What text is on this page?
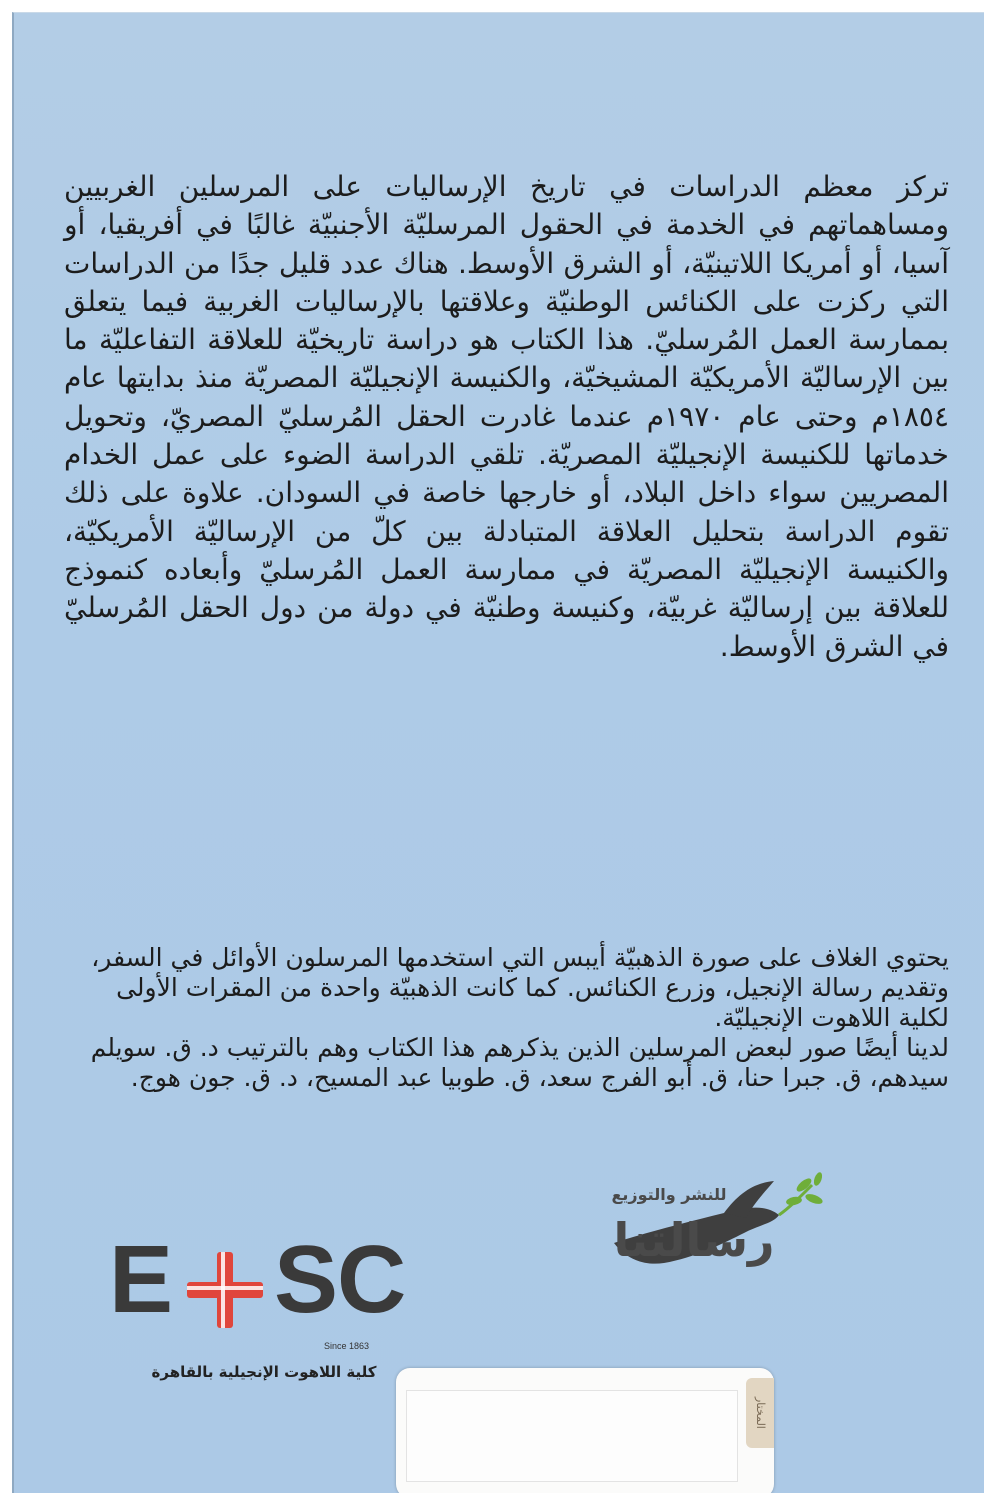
تركز معظم الدراسات في تاريخ الإرساليات على المرسلين الغربيين ومساهماتهم في الخدمة في الحقول المرسليّة الأجنبيّة غالبًا في أفريقيا، أو آسيا، أو أمريكا اللاتينيّة، أو الشرق الأوسط. هناك عدد قليل جدًا من الدراسات التي ركزت على الكنائس الوطنيّة وعلاقتها بالإرساليات الغربية فيما يتعلق بممارسة العمل المُرسليّ. هذا الكتاب هو دراسة تاريخيّة للعلاقة التفاعليّة ما بين الإرساليّة الأمريكيّة المشيخيّة، والكنيسة الإنجيليّة المصريّة منذ بدايتها عام ١٨٥٤م وحتى عام ١٩٧٠م عندما غادرت الحقل المُرسليّ المصريّ، وتحويل خدماتها للكنيسة الإنجيليّة المصريّة. تلقي الدراسة الضوء على عمل الخدام المصريين سواء داخل البلاد، أو خارجها خاصة في السودان. علاوة على ذلك تقوم الدراسة بتحليل العلاقة المتبادلة بين كلّ من الإرساليّة الأمريكيّة، والكنيسة الإنجيليّة المصريّة في ممارسة العمل المُرسليّ وأبعاده كنموذج للعلاقة بين إرساليّة غربيّة، وكنيسة وطنيّة في دولة من دول الحقل المُرسليّ في الشرق الأوسط.

يحتوي الغلاف على صورة الذهبيّة أيبس التي استخدمها المرسلون الأوائل في السفر، وتقديم رسالة الإنجيل، وزرع الكنائس. كما كانت الذهبيّة واحدة من المقرات الأولى لكلية اللاهوت الإنجيليّة.

لدينا أيضًا صور لبعض المرسلين الذين يذكرهم هذا الكتاب وهم بالترتيب د. ق. سويلم سيدهم، ق. جبرا حنا، ق. أبو الفرج سعد، ق. طوبيا عبد المسيح، د. ق. جون هوج.

للنشر والتوزيع
رسالتنا
E S
C
Since 1863
كلية اللاهوت الإنجيلية بالقاهرة
المختار
